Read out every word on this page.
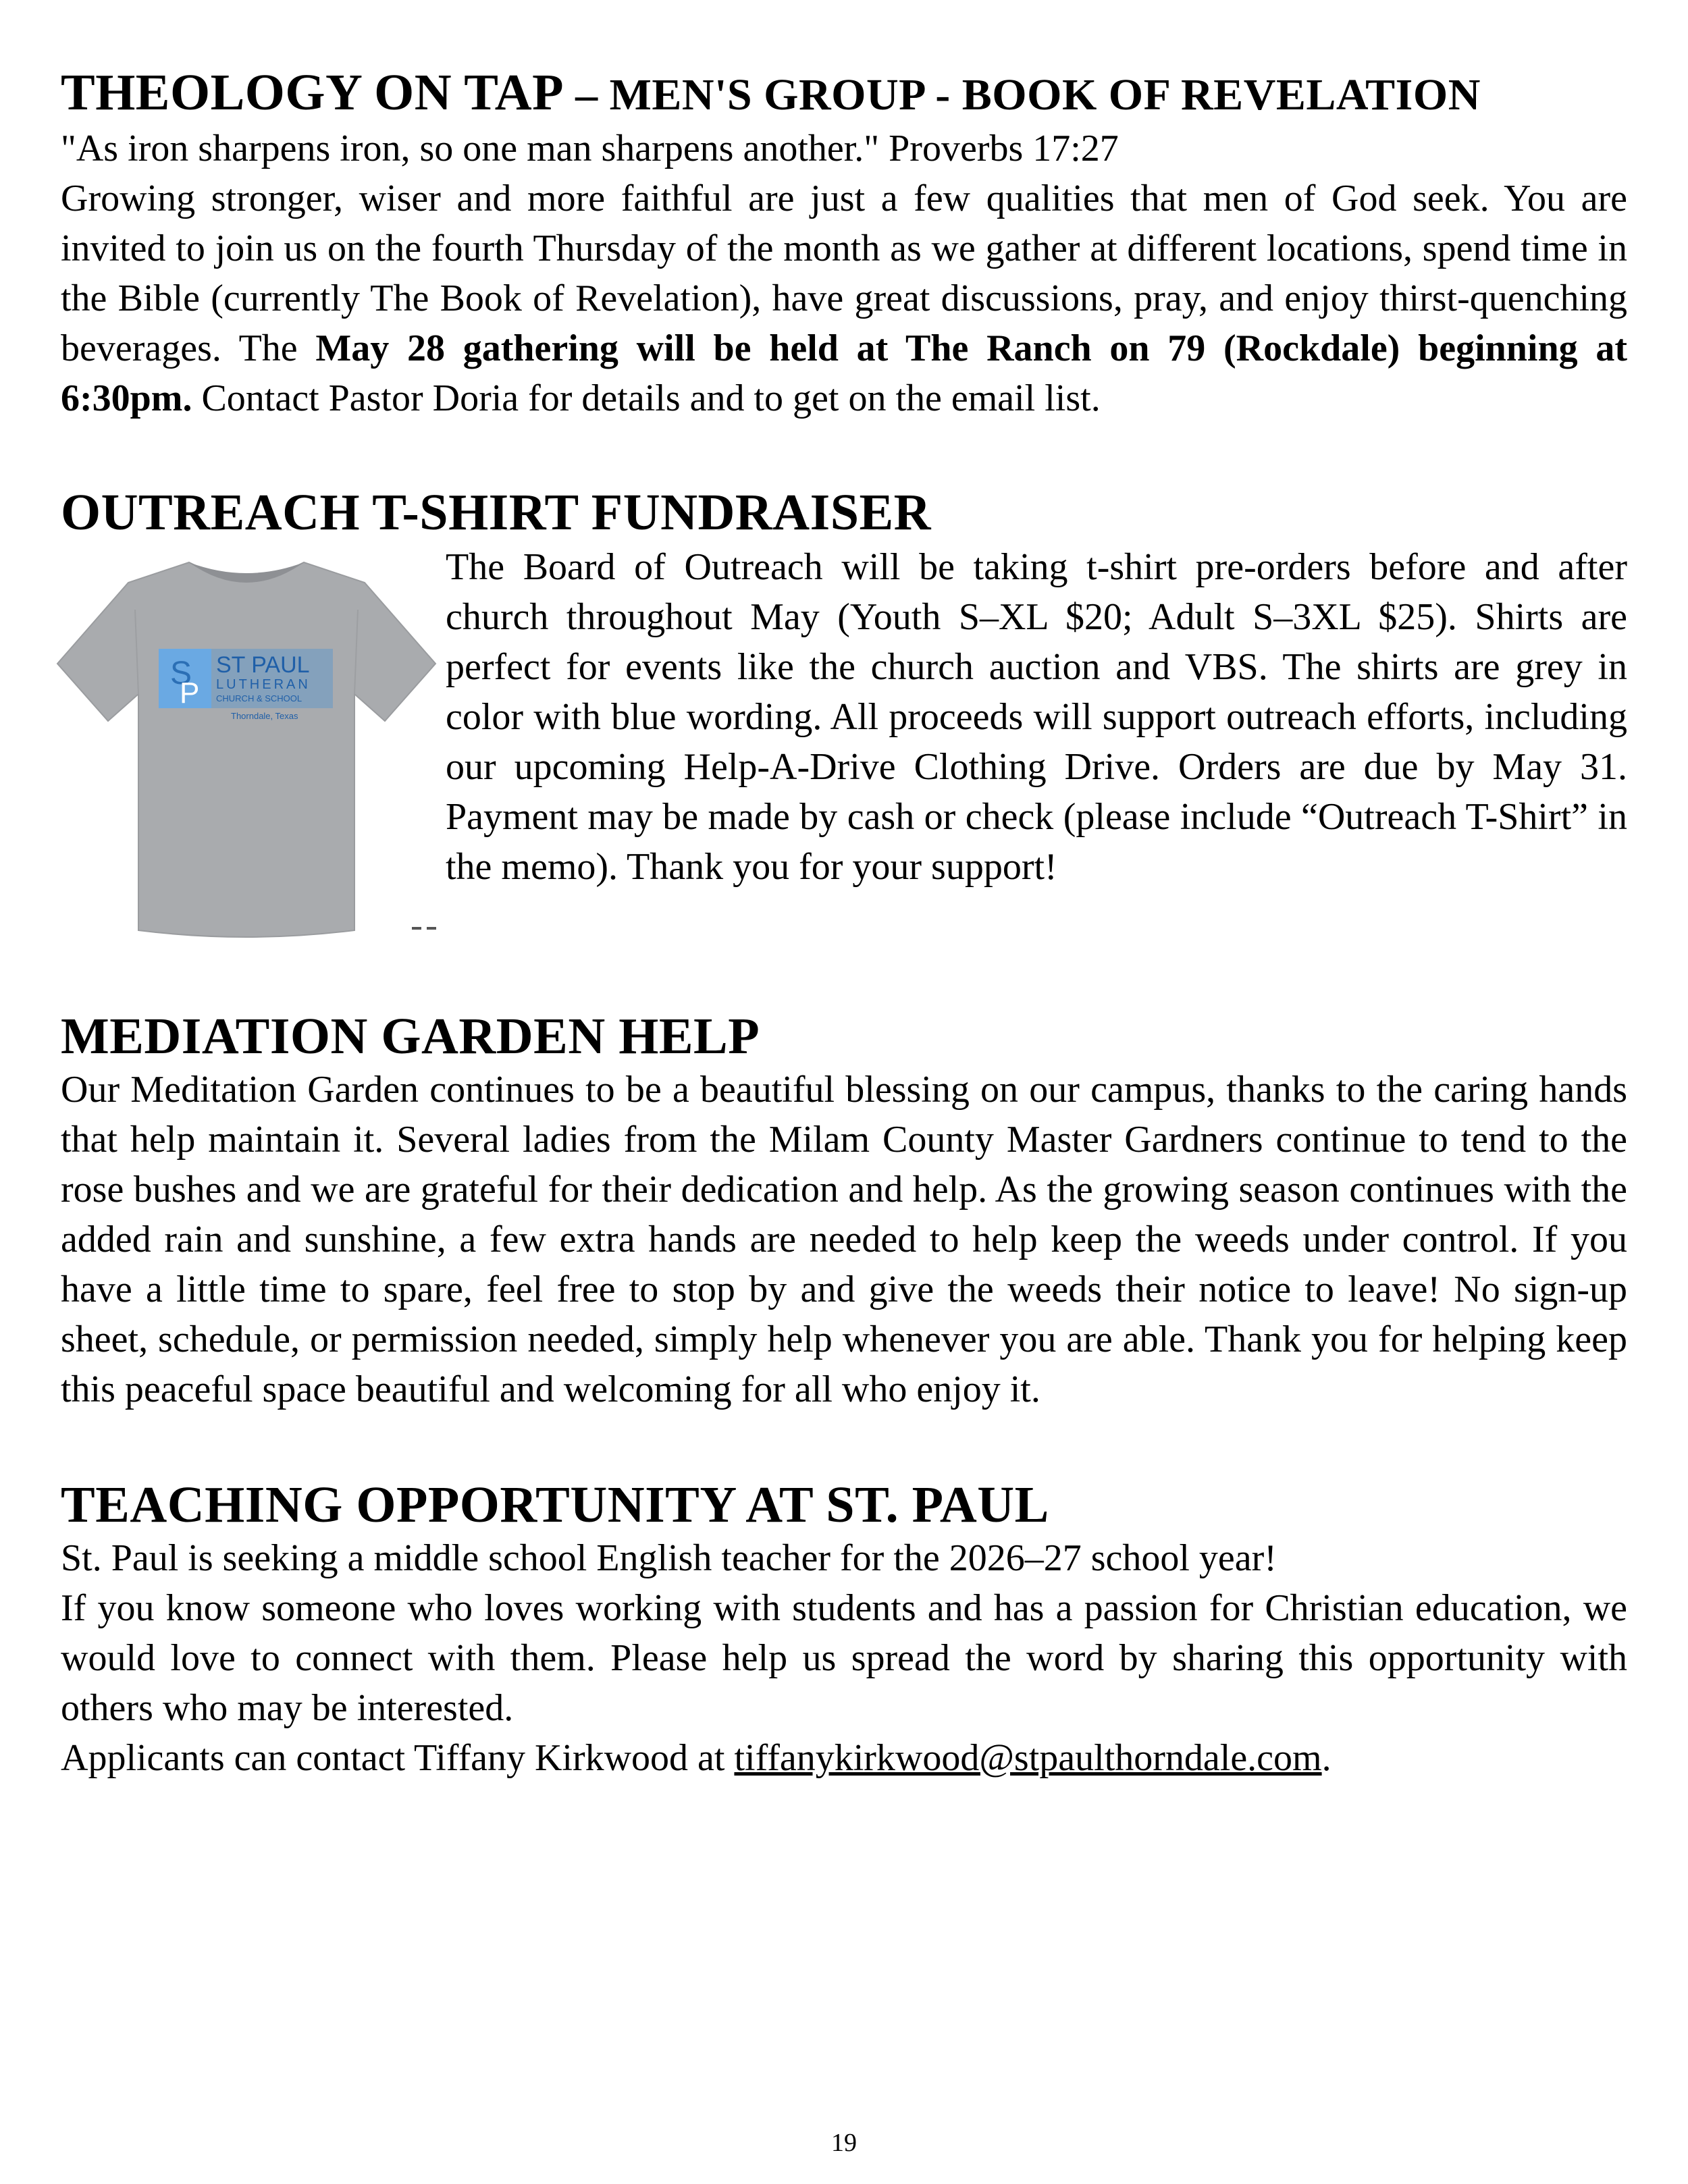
THEOLOGY ON TAP – MEN'S GROUP - BOOK OF REVELATION

"As iron sharpens iron, so one man sharpens another." Proverbs 17:27

Growing stronger, wiser and more faithful are just a few qualities that men of God seek. You are invited to join us on the fourth Thursday of the month as we gather at different locations, spend time in the Bible (currently The Book of Revelation), have great discussions, pray, and enjoy thirst-quenching beverages. The May 28 gathering will be held at The Ranch on 79 (Rockdale) beginning at 6:30pm. Contact Pastor Doria for details and to get on the email list.

OUTREACH T-SHIRT FUNDRAISER
S
P
ST PAUL
LUTHERAN
CHURCH & SCHOOL
Thorndale, Texas

The Board of Outreach will be taking t-shirt pre-orders before and after church throughout May (Youth S–XL $20; Adult S–3XL $25). Shirts are perfect for events like the church auction and VBS. The shirts are grey in color with blue wording. All proceeds will support outreach efforts, including our upcoming Help-A-Drive Clothing Drive. Orders are due by May 31. Payment may be made by cash or check (please include “Outreach T-Shirt” in the memo). Thank you for your support!

MEDIATION GARDEN HELP

Our Meditation Garden continues to be a beautiful blessing on our campus, thanks to the caring hands that help maintain it. Several ladies from the Milam County Master Gardners continue to tend to the rose bushes and we are grateful for their dedication and help. As the growing season continues with the added rain and sunshine, a few extra hands are needed to help keep the weeds under control. If you have a little time to spare, feel free to stop by and give the weeds their notice to leave! No sign-up sheet, schedule, or permission needed, simply help whenever you are able. Thank you for helping keep this peaceful space beautiful and welcoming for all who enjoy it.

TEACHING OPPORTUNITY AT ST. PAUL

St. Paul is seeking a middle school English teacher for the 2026–27 school year!

If you know someone who loves working with students and has a passion for Christian education, we would love to connect with them. Please help us spread the word by sharing this opportunity with others who may be interested.

Applicants can contact Tiffany Kirkwood at tiffanykirkwood@stpaulthorndale.com.

19
